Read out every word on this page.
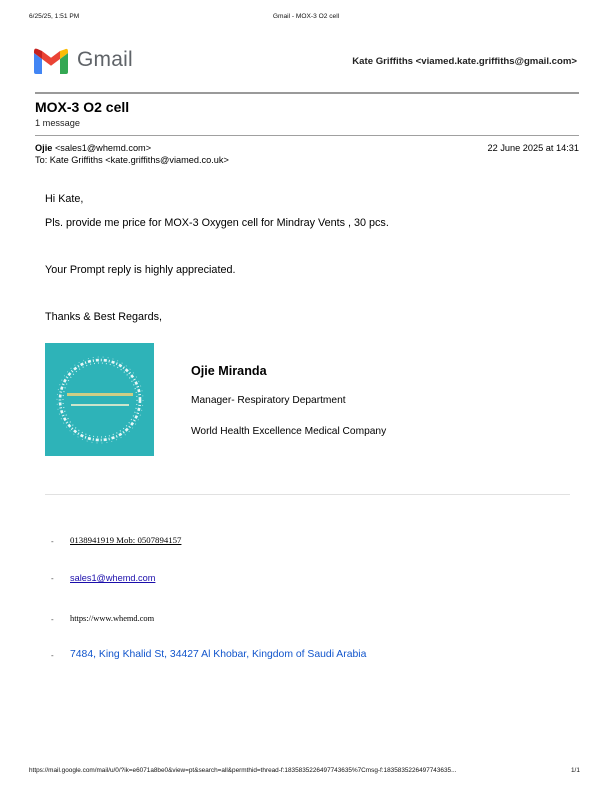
6/25/25, 1:51 PM	Gmail - MOX-3 O2 cell
Gmail	Kate Griffiths <viamed.kate.griffiths@gmail.com>
MOX-3 O2 cell
1 message
Ojie <sales1@whemd.com>	22 June 2025 at 14:31
To: Kate Griffiths <kate.griffiths@viamed.co.uk>
Hi Kate,
Pls. provide me price for MOX-3 Oxygen cell for Mindray Vents , 30 pcs.
Your Prompt reply is highly appreciated.
Thanks & Best Regards,
Ojie Miranda
Manager- Respiratory Department
World Health Excellence Medical Company
- 0138941919 Mob: 0507894157
- sales1@whemd.com
- https://www.whemd.com
- 7484, King Khalid St, 34427 Al Khobar, Kingdom of Saudi Arabia
https://mail.google.com/mail/u/0/?ik=e6071a8be0&view=pt&search=all&permthid=thread-f:1835835226497743635%7Cmsg-f:1835835226497743635...	1/1
